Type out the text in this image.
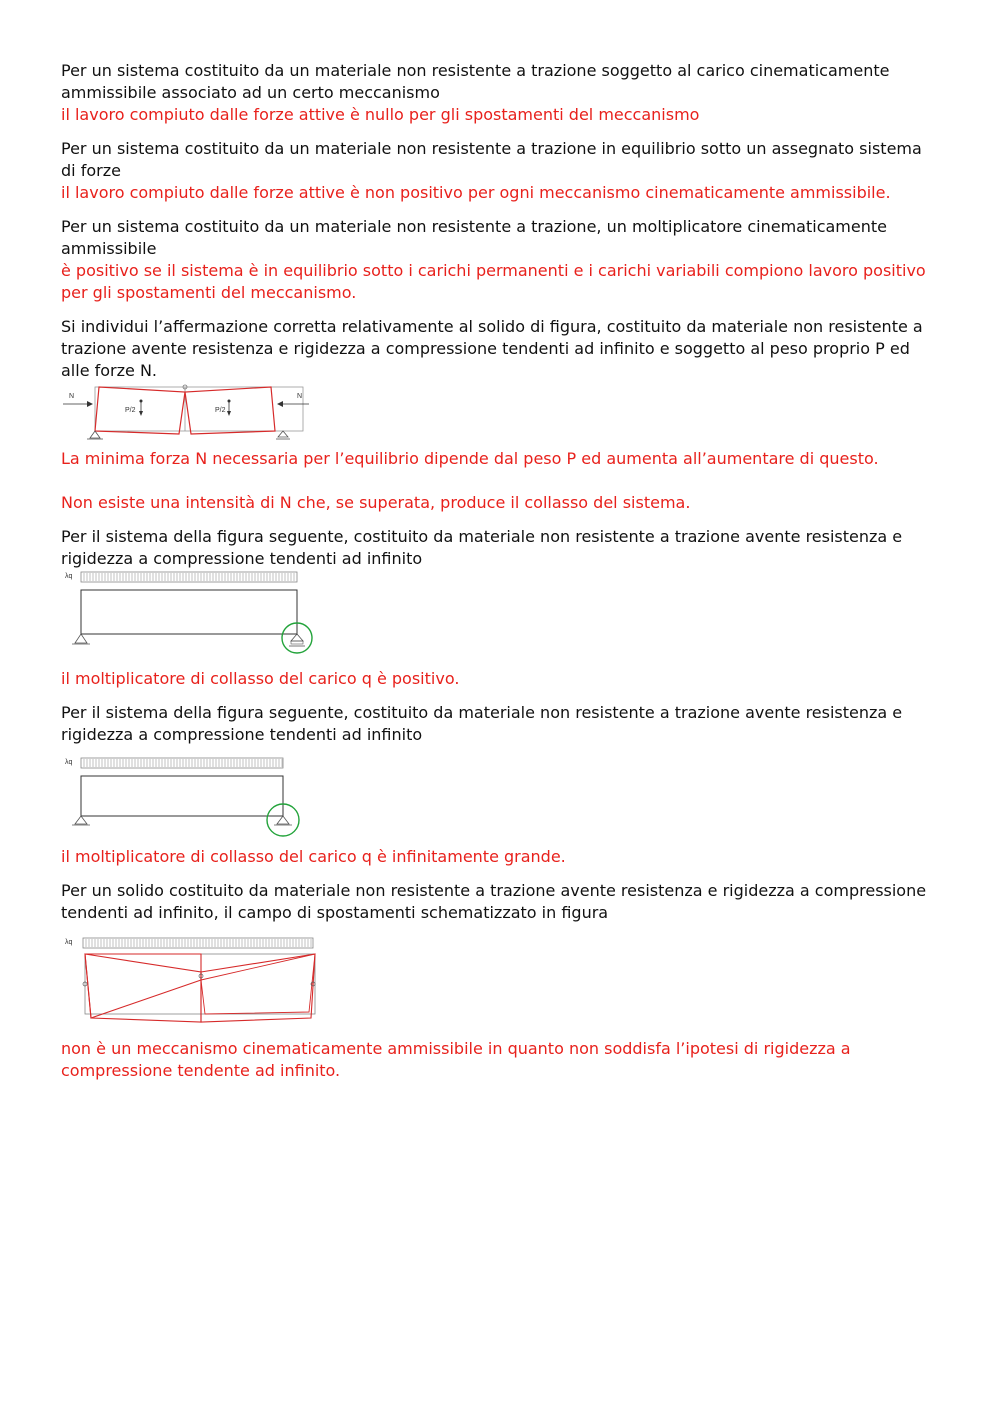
Per un sistema costituito da un materiale non resistente a trazione soggetto al carico cinematicamente ammissibile associato ad un certo meccanismo

il lavoro compiuto dalle forze attive è nullo per gli spostamenti del meccanismo

Per un sistema costituito da un materiale non resistente a trazione in equilibrio sotto un assegnato sistema di forze

il lavoro compiuto dalle forze attive è non positivo per ogni meccanismo cinematicamente ammissibile.

Per un sistema costituito da un materiale non resistente a trazione, un moltiplicatore cinematicamente ammissibile

è positivo se il sistema è in equilibrio sotto i carichi permanenti e i carichi variabili compiono lavoro positivo per gli spostamenti del meccanismo.

Si individui l’affermazione corretta relativamente al solido di figura, costituito da materiale non resistente a trazione avente resistenza e rigidezza a compressione tendenti ad infinito e soggetto al peso proprio P ed alle forze N.

N	N
P/2	P/2

La minima forza N necessaria per l’equilibrio dipende dal peso P ed aumenta all’aumentare di questo.

Non esiste una intensità di N che, se superata, produce il collasso del sistema.

Per il sistema della figura seguente, costituito da materiale non resistente a trazione avente resistenza e rigidezza a compressione tendenti ad infinito

λq

il moltiplicatore di collasso del carico q è positivo.

Per il sistema della figura seguente, costituito da materiale non resistente a trazione avente resistenza e rigidezza a compressione tendenti ad infinito

λq

il moltiplicatore di collasso del carico q è infinitamente grande.

Per un solido costituito da materiale non resistente a trazione avente resistenza e rigidezza a compressione tendenti ad infinito, il campo di spostamenti schematizzato in figura

λq

non è un meccanismo cinematicamente ammissibile in quanto non soddisfa l’ipotesi di rigidezza a compressione tendente ad infinito.
